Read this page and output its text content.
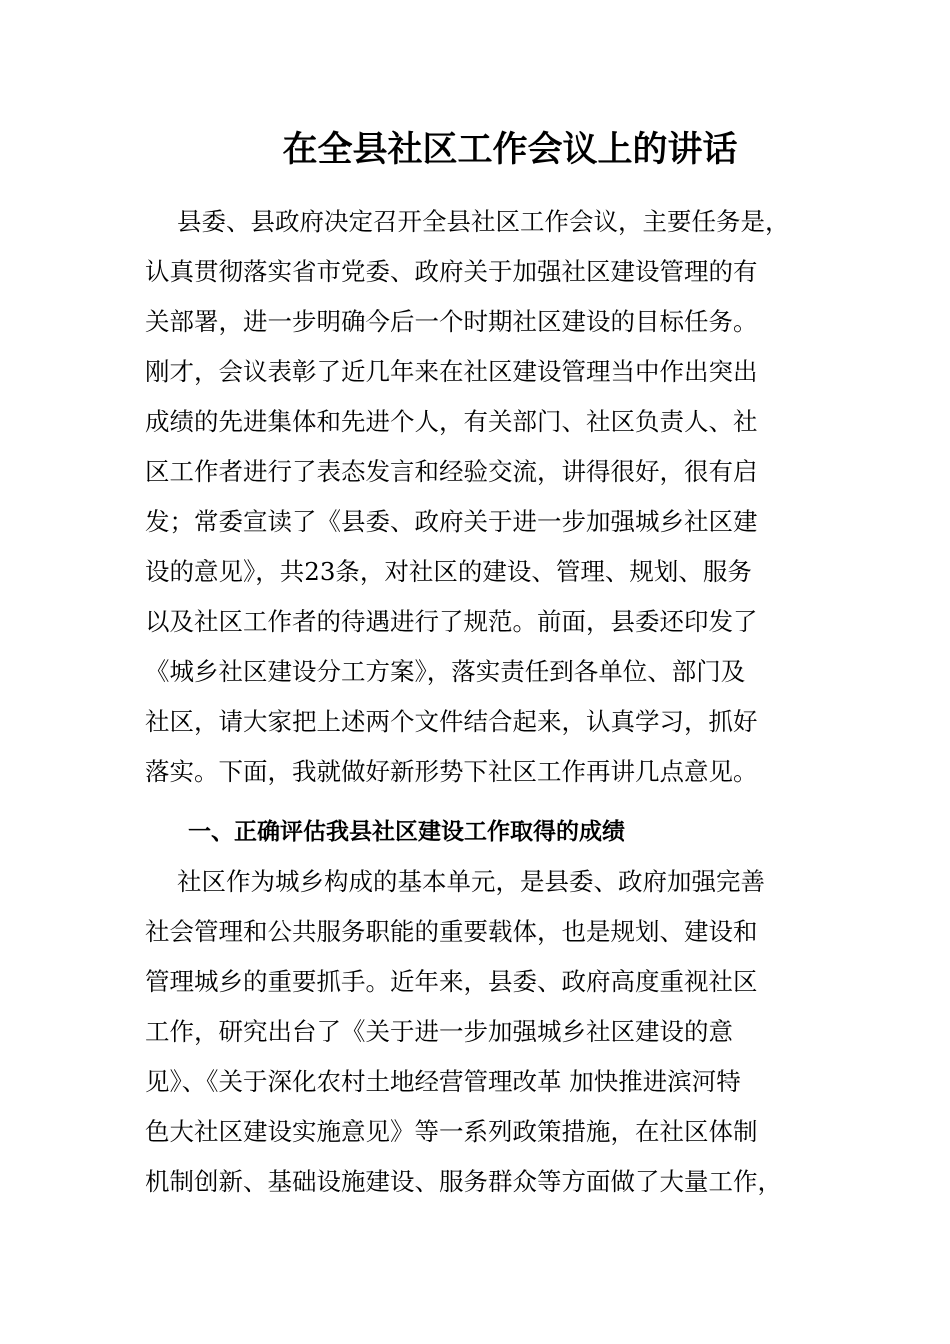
在全县社区工作会议上的讲话
县委、县政府决定召开全县社区工作会议，主要任务是，
认真贯彻落实省市党委、政府关于加强社区建设管理的有
关部署，进一步明确今后一个时期社区建设的目标任务。
刚才，会议表彰了近几年来在社区建设管理当中作出突出
成绩的先进集体和先进个人，有关部门、社区负责人、社
区工作者进行了表态发言和经验交流，讲得很好，很有启
发；常委宣读了《县委、政府关于进一步加强城乡社区建
设的意见》，共23条，对社区的建设、管理、规划、服务
以及社区工作者的待遇进行了规范。前面，县委还印发了
《城乡社区建设分工方案》，落实责任到各单位、部门及
社区，请大家把上述两个文件结合起来，认真学习，抓好
落实。下面，我就做好新形势下社区工作再讲几点意见。
一、正确评估我县社区建设工作取得的成绩
社区作为城乡构成的基本单元，是县委、政府加强完善
社会管理和公共服务职能的重要载体，也是规划、建设和
管理城乡的重要抓手。近年来，县委、政府高度重视社区
工作，研究出台了《关于进一步加强城乡社区建设的意
见》、《关于深化农村土地经营管理改革 加快推进滨河特
色大社区建设实施意见》等一系列政策措施，在社区体制
机制创新、基础设施建设、服务群众等方面做了大量工作，
